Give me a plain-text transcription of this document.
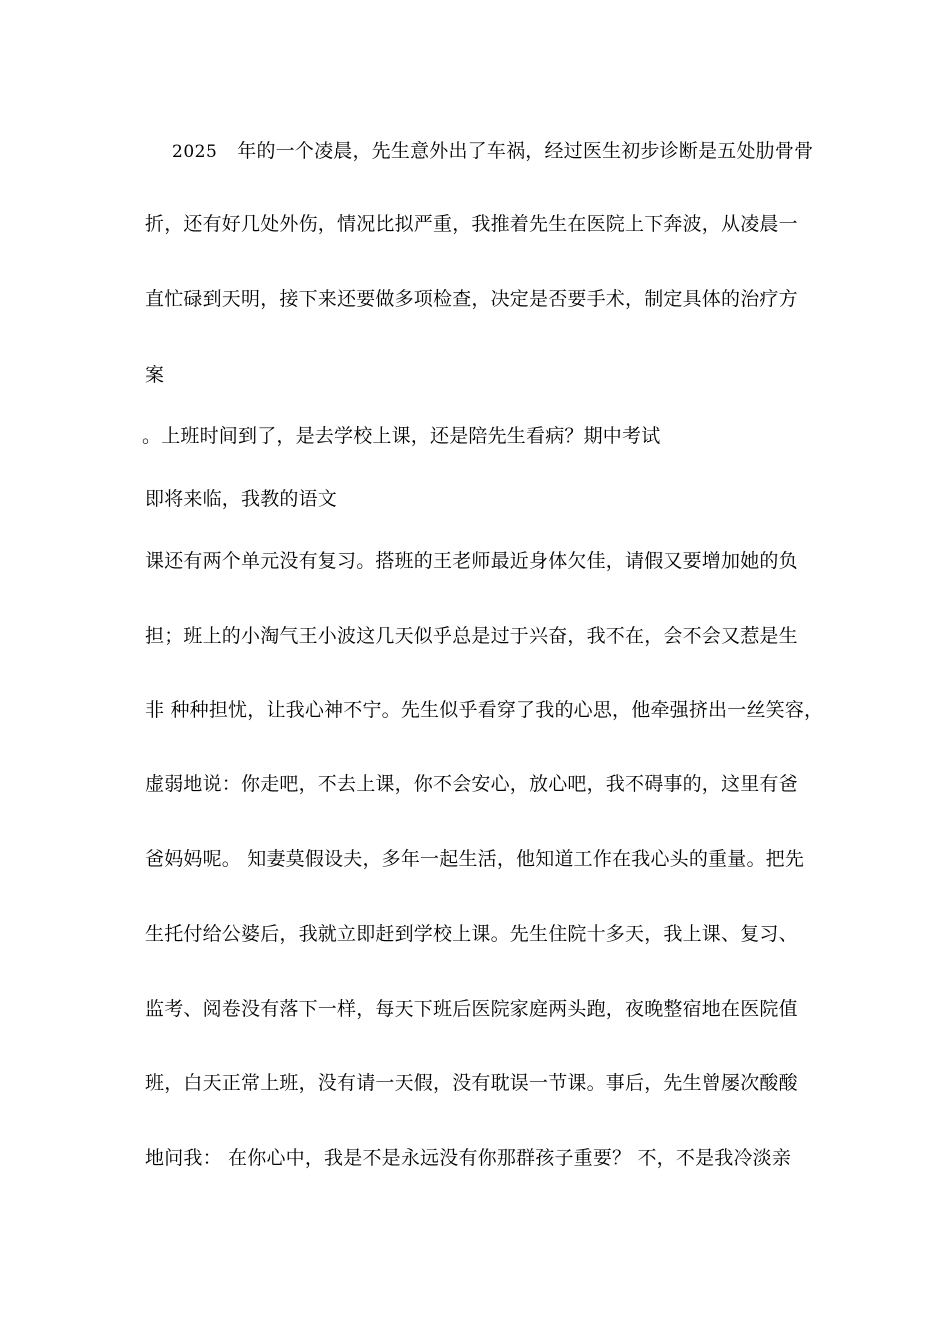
2025 年的一个凌晨，先生意外出了车祸，经过医生初步诊断是五处肋骨骨
折，还有好几处外伤，情况比拟严重，我推着先生在医院上下奔波，从凌晨一
直忙碌到天明，接下来还要做多项检查，决定是否要手术，制定具体的治疗方
案
。上班时间到了，是去学校上课，还是陪先生看病？期中考试
即将来临，我教的语文
课还有两个单元没有复习。搭班的王老师最近身体欠佳，请假又要增加她的负
担；班上的小淘气王小波这几天似乎总是过于兴奋，我不在，会不会又惹是生
非 种种担忧，让我心神不宁。先生似乎看穿了我的心思，他牵强挤出一丝笑容，
虚弱地说：你走吧，不去上课，你不会安心，放心吧，我不碍事的，这里有爸
爸妈妈呢。 知妻莫假设夫，多年一起生活，他知道工作在我心头的重量。把先
生托付给公婆后，我就立即赶到学校上课。先生住院十多天，我上课、复习、
监考、阅卷没有落下一样，每天下班后医院家庭两头跑，夜晚整宿地在医院值
班，白天正常上班，没有请一天假，没有耽误一节课。事后，先生曾屡次酸酸
地问我： 在你心中，我是不是永远没有你那群孩子重要？ 不，不是我冷淡亲
